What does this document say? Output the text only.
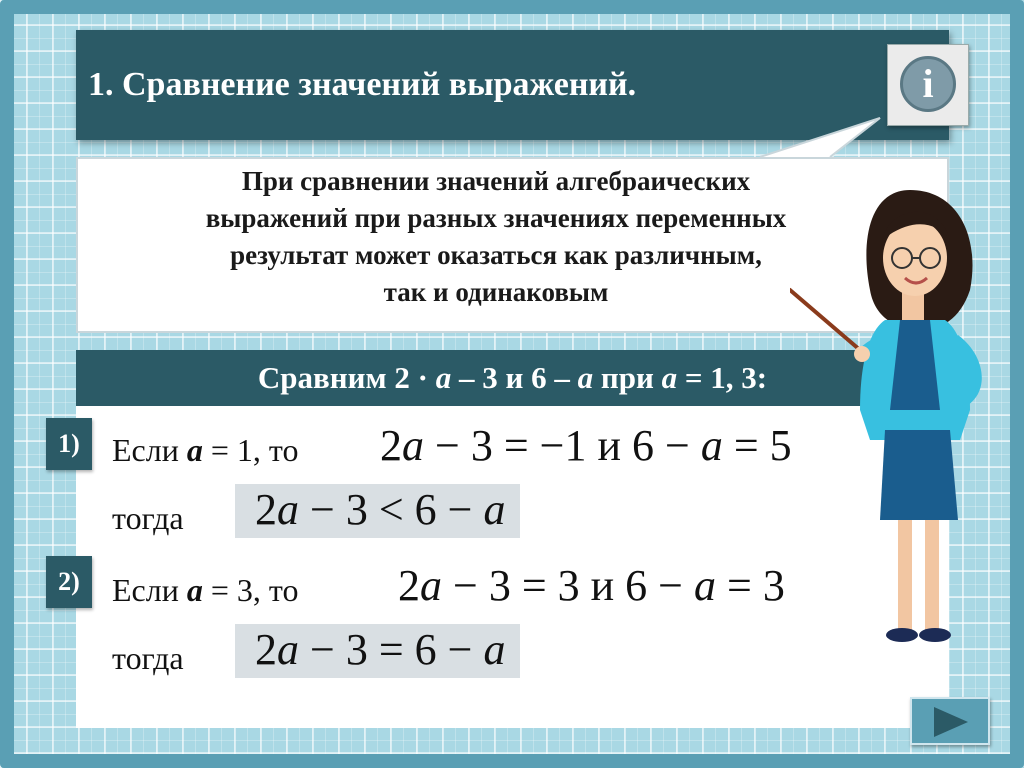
1. Сравнение значений выражений.	i
При сравнении значений алгебраических
выражений при разных значениях переменных
результат может оказаться как различным,
так и одинаковым
Сравним 2 · a – 3 и 6 – a при a = 1, 3:
1)	Если a = 1, то 2a − 3 = −1 и 6 − a = 5
тогда 2a − 3 < 6 − a
2)	Если a = 3, то 2a − 3 = 3 и 6 − a = 3
тогда 2a − 3 = 6 − a
